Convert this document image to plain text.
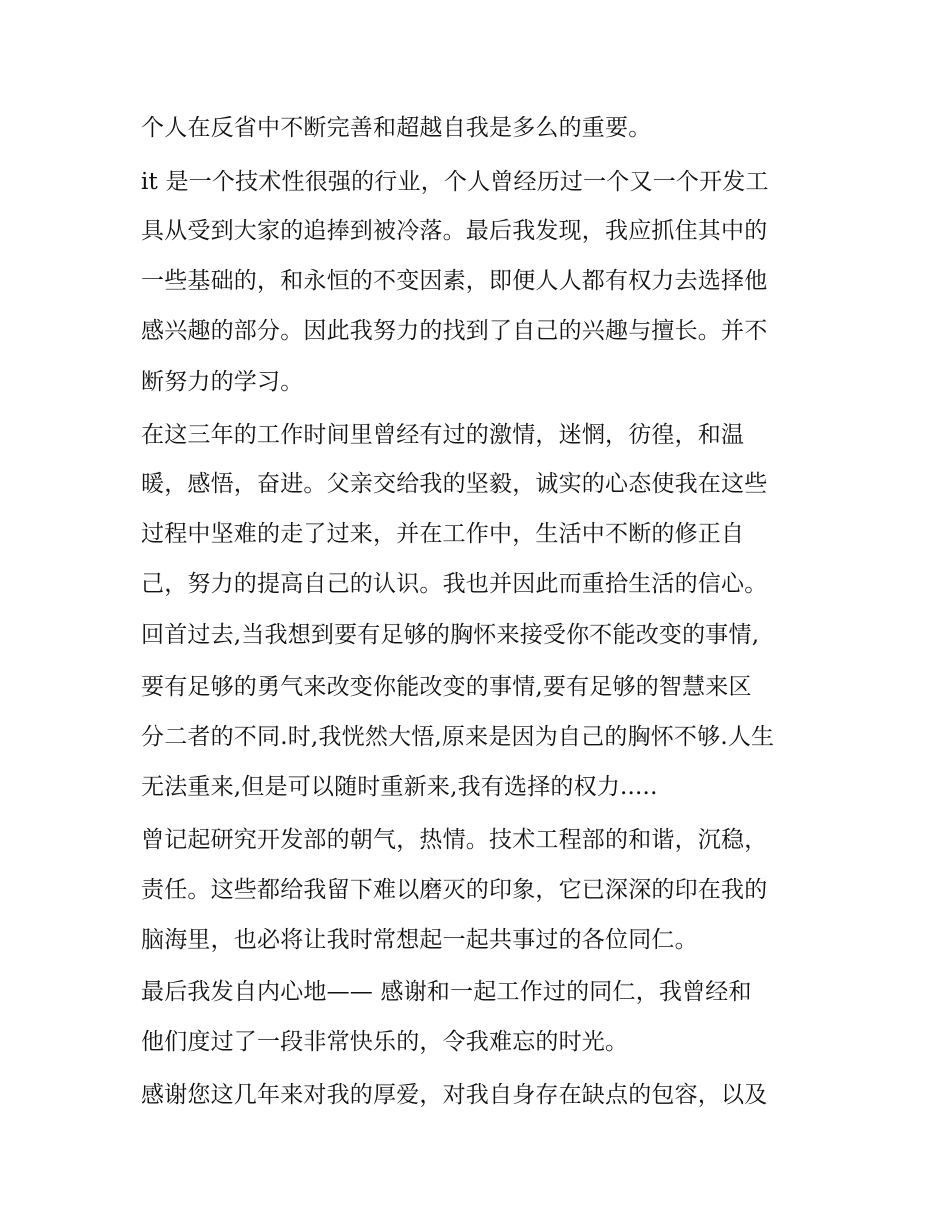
个人在反省中不断完善和超越自我是多么的重要。
it 是一个技术性很强的行业，个人曾经历过一个又一个开发工
具从受到大家的追捧到被冷落。最后我发现，我应抓住其中的
一些基础的，和永恒的不变因素，即便人人都有权力去选择他
感兴趣的部分。因此我努力的找到了自己的兴趣与擅长。并不
断努力的学习。
在这三年的工作时间里曾经有过的激情，迷惘，彷徨，和温
暖，感悟，奋进。父亲交给我的坚毅，诚实的心态使我在这些
过程中坚难的走了过来，并在工作中，生活中不断的修正自
己，努力的提高自己的认识。我也并因此而重拾生活的信心。
回首过去,当我想到要有足够的胸怀来接受你不能改变的事情,
要有足够的勇气来改变你能改变的事情,要有足够的智慧来区
分二者的不同.时,我恍然大悟,原来是因为自己的胸怀不够.人生
无法重来,但是可以随时重新来,我有选择的权力.....
曾记起研究开发部的朝气，热情。技术工程部的和谐，沉稳，
责任。这些都给我留下难以磨灭的印象，它已深深的印在我的
脑海里，也必将让我时常想起一起共事过的各位同仁。
最后我发自内心地—— 感谢和一起工作过的同仁，我曾经和
他们度过了一段非常快乐的，令我难忘的时光。
感谢您这几年来对我的厚爱，对我自身存在缺点的包容，以及
